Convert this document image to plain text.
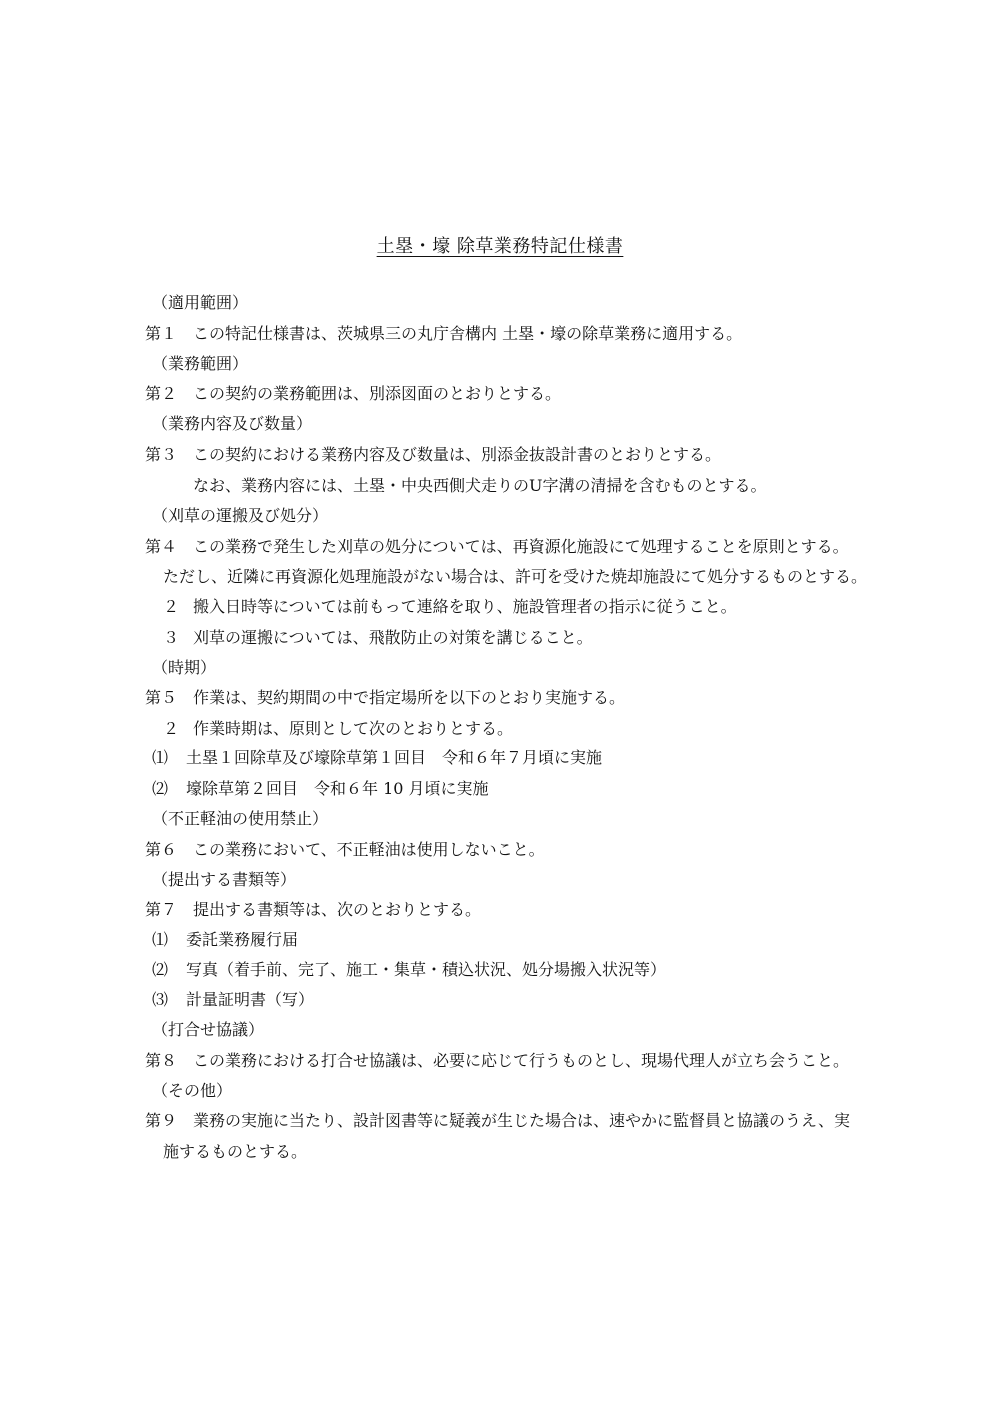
土塁・壕 除草業務特記仕様書
（適用範囲）
第１ この特記仕様書は、茨城県三の丸庁舎構内 土塁・壕の除草業務に適用する。
（業務範囲）
第２ この契約の業務範囲は、別添図面のとおりとする。
（業務内容及び数量）
第３ この契約における業務内容及び数量は、別添金抜設計書のとおりとする。
なお、業務内容には、土塁・中央西側犬走りのU字溝の清掃を含むものとする。
（刈草の運搬及び処分）
第４ この業務で発生した刈草の処分については、再資源化施設にて処理することを原則とする。
ただし、近隣に再資源化処理施設がない場合は、許可を受けた焼却施設にて処分するものとする。
２ 搬入日時等については前もって連絡を取り、施設管理者の指示に従うこと。
３ 刈草の運搬については、飛散防止の対策を講じること。
（時期）
第５ 作業は、契約期間の中で指定場所を以下のとおり実施する。
２ 作業時期は、原則として次のとおりとする。
⑴ 土塁１回除草及び壕除草第１回目　令和６年７月頃に実施
⑵ 壕除草第２回目　令和６年 10 月頃に実施
（不正軽油の使用禁止）
第６ この業務において、不正軽油は使用しないこと。
（提出する書類等）
第７ 提出する書類等は、次のとおりとする。
⑴ 委託業務履行届
⑵ 写真（着手前、完了、施工・集草・積込状況、処分場搬入状況等）
⑶ 計量証明書（写）
（打合せ協議）
第８ この業務における打合せ協議は、必要に応じて行うものとし、現場代理人が立ち会うこと。
（その他）
第９ 業務の実施に当たり、設計図書等に疑義が生じた場合は、速やかに監督員と協議のうえ、実
施するものとする。
